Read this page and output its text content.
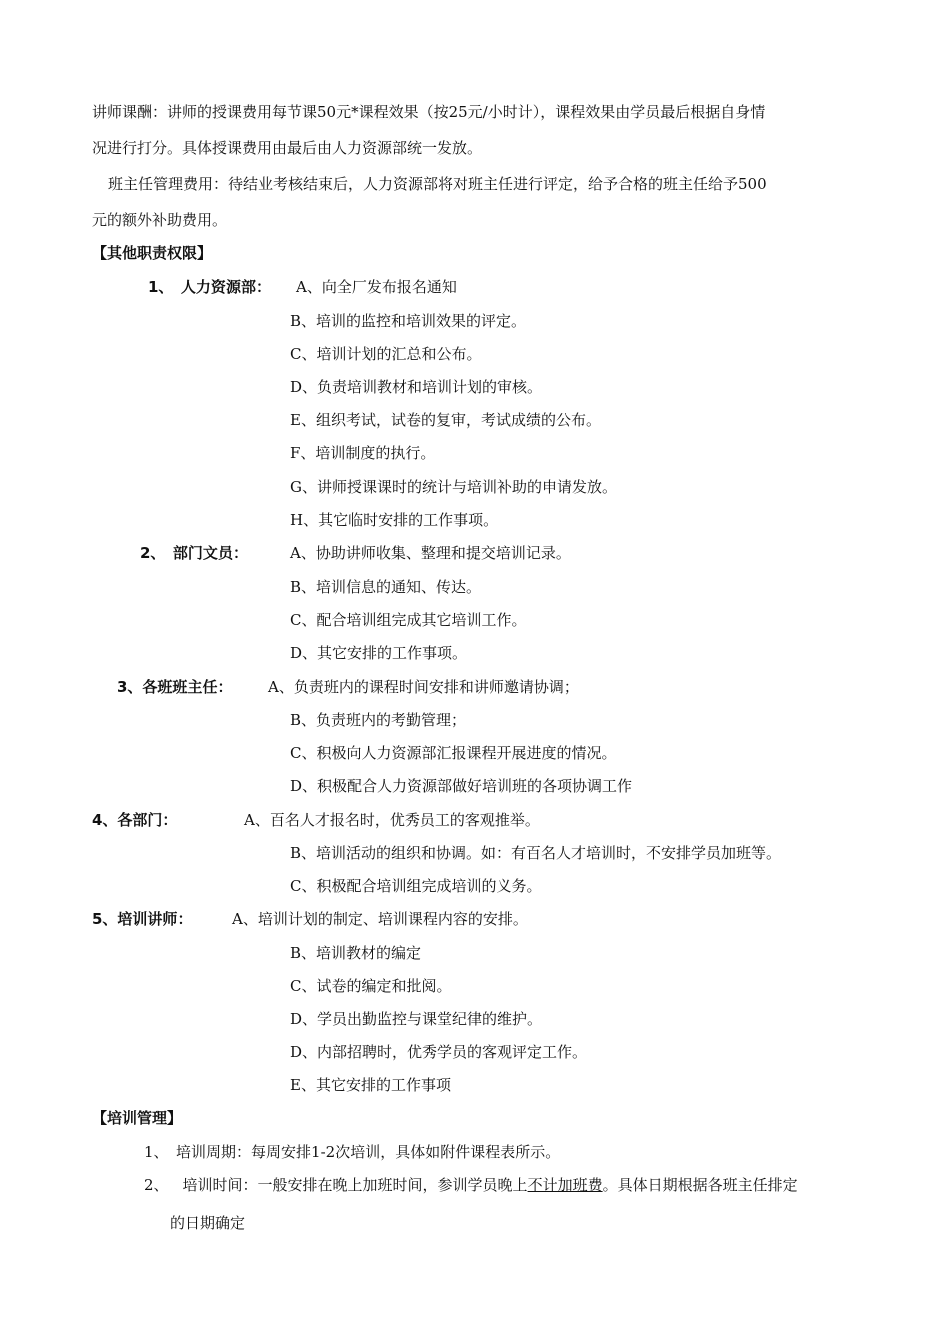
讲师课酬：讲师的授课费用每节课50元*课程效果（按25元/小时计），课程效果由学员最后根据自身情
况进行打分。具体授课费用由最后由人力资源部统一发放。
班主任管理费用：待结业考核结束后，人力资源部将对班主任进行评定，给予合格的班主任给予500
元的额外补助费用。
【其他职责权限】
1、　人力资源部： A、向全厂发布报名通知
B、培训的监控和培训效果的评定。
C、培训计划的汇总和公布。
D、负责培训教材和培训计划的审核。
E、组织考试，试卷的复审，考试成绩的公布。
F、培训制度的执行。
G、讲师授课课时的统计与培训补助的申请发放。
H、其它临时安排的工作事项。
2、　部门文员：	A、协助讲师收集、整理和提交培训记录。
B、培训信息的通知、传达。
C、配合培训组完成其它培训工作。
D、其它安排的工作事项。
3、各班班主任： A、负责班内的课程时间安排和讲师邀请协调；
B、负责班内的考勤管理；
C、积极向人力资源部汇报课程开展进度的情况。
D、积极配合人力资源部做好培训班的各项协调工作
4、各部门：	A、百名人才报名时，优秀员工的客观推举。
B、培训活动的组织和协调。如：有百名人才培训时，不安排学员加班等。
C、积极配合培训组完成培训的义务。
5、培训讲师：	A、培训计划的制定、培训课程内容的安排。
B、培训教材的编定
C、试卷的编定和批阅。
D、学员出勤监控与课堂纪律的维护。
D、内部招聘时，优秀学员的客观评定工作。
E、其它安排的工作事项
【培训管理】
1、　培训周期：每周安排1-2次培训，具体如附件课程表所示。
2、 培训时间：一般安排在晚上加班时间，参训学员晚上不计加班费。具体日期根据各班主任排定
的日期确定
